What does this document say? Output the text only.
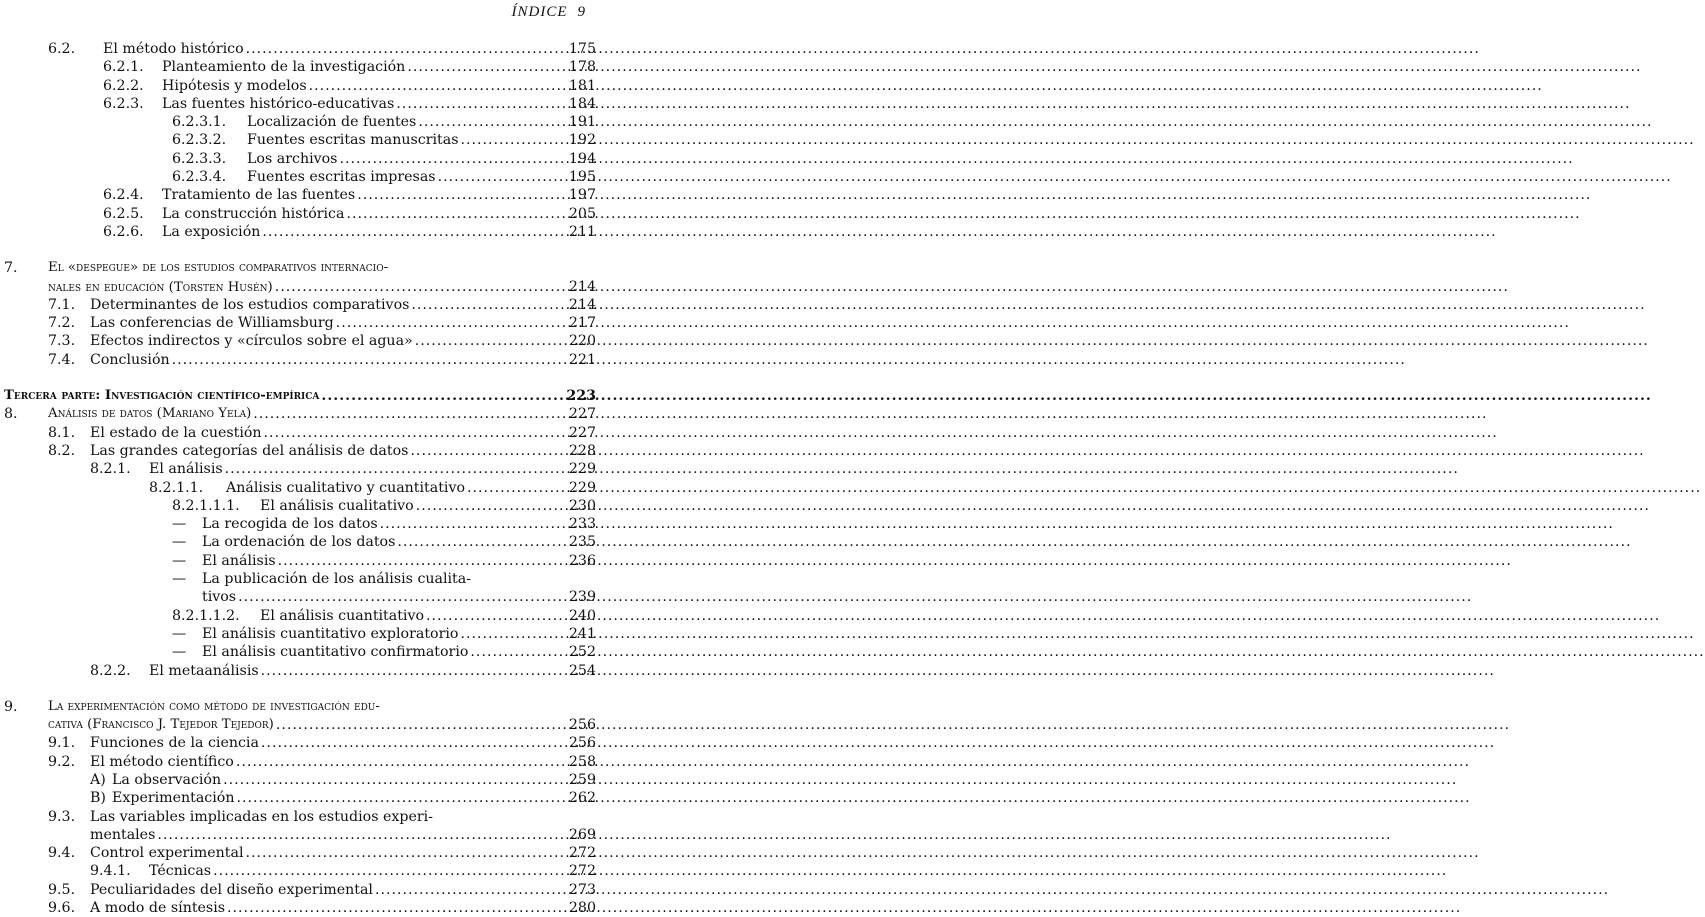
ÍNDICE 9
6.2. El método histórico .....	175
6.2.1. Planteamiento de la investigación .....	178
6.2.2. Hipótesis y modelos .....	181
6.2.3. Las fuentes histórico-educativas .....	184
6.2.3.1. Localización de fuentes .....	191
6.2.3.2. Fuentes escritas manuscritas .....	192
6.2.3.3. Los archivos .....	194
6.2.3.4. Fuentes escritas impresas .....	195
6.2.4. Tratamiento de las fuentes .....	197
6.2.5. La construcción histórica .....	205
6.2.6. La exposición .....	211
7. El «despegue» de los estudios comparativos internacio-
nales en educación (Torsten Husén) .....	214
7.1. Determinantes de los estudios comparativos .....	214
7.2. Las conferencias de Williamsburg .....	217
7.3. Efectos indirectos y «círculos sobre el agua» .....	220
7.4. Conclusión .....	221
Tercera parte: Investigación científico-empírica .....	223
8. Análisis de datos (Mariano Yela) .....	227
8.1. El estado de la cuestión .....	227
8.2. Las grandes categorías del análisis de datos .....	228
8.2.1. El análisis .....	229
8.2.1.1. Análisis cualitativo y cuantitativo .....	229
8.2.1.1.1. El análisis cualitativo .....	230
— La recogida de los datos .....	233
— La ordenación de los datos .....	235
— El análisis .....	236
— La publicación de los análisis cualita-
tivos .....	239
8.2.1.1.2. El análisis cuantitativo .....	240
— El análisis cuantitativo exploratorio .....	241
— El análisis cuantitativo confirmatorio .....	252
8.2.2. El metaanálisis .....	254
9. La experimentación como método de investigación edu-
cativa (Francisco J. Tejedor Tejedor) .....	256
9.1. Funciones de la ciencia .....	256
9.2. El método científico .....	258
A) La observación .....	259
B) Experimentación .....	262
9.3. Las variables implicadas en los estudios experi-
mentales .....	269
9.4. Control experimental .....	272
9.4.1. Técnicas .....	272
9.5. Peculiaridades del diseño experimental .....	273
9.6. A modo de síntesis .....	280
